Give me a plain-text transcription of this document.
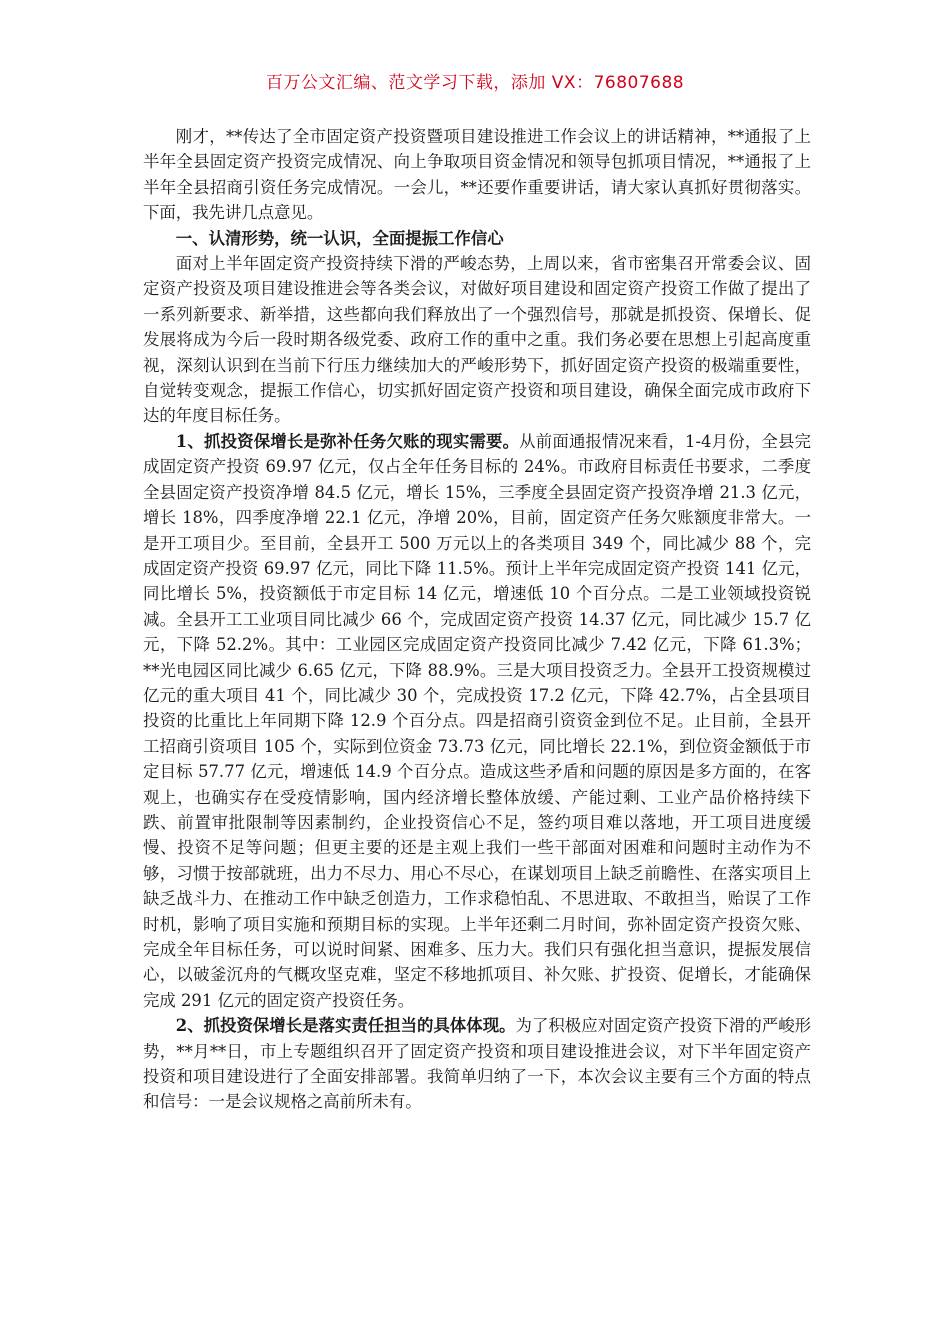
百万公文汇编、范文学习下载，添加 VX：76807688

刚才，**传达了全市固定资产投资暨项目建设推进工作会议上的讲话精神，**通报了上半年全县固定资产投资完成情况、向上争取项目资金情况和领导包抓项目情况，**通报了上半年全县招商引资任务完成情况。一会儿，**还要作重要讲话，请大家认真抓好贯彻落实。下面，我先讲几点意见。

一、认清形势，统一认识，全面提振工作信心

面对上半年固定资产投资持续下滑的严峻态势，上周以来，省市密集召开常委会议、固定资产投资及项目建设推进会等各类会议，对做好项目建设和固定资产投资工作做了提出了一系列新要求、新举措，这些都向我们释放出了一个强烈信号，那就是抓投资、保增长、促发展将成为今后一段时期各级党委、政府工作的重中之重。我们务必要在思想上引起高度重视，深刻认识到在当前下行压力继续加大的严峻形势下，抓好固定资产投资的极端重要性，自觉转变观念，提振工作信心，切实抓好固定资产投资和项目建设，确保全面完成市政府下达的年度目标任务。

1、抓投资保增长是弥补任务欠账的现实需要。从前面通报情况来看，1-4月份，全县完成固定资产投资 69.97 亿元，仅占全年任务目标的 24%。市政府目标责任书要求，二季度全县固定资产投资净增 84.5 亿元，增长 15%，三季度全县固定资产投资净增 21.3 亿元，增长 18%，四季度净增 22.1 亿元，净增 20%，目前，固定资产任务欠账额度非常大。一是开工项目少。至目前，全县开工 500 万元以上的各类项目 349 个，同比减少 88 个，完成固定资产投资 69.97 亿元，同比下降 11.5%。预计上半年完成固定资产投资 141 亿元，同比增长 5%，投资额低于市定目标 14 亿元，增速低 10 个百分点。二是工业领域投资锐减。全县开工工业项目同比减少 66 个，完成固定资产投资 14.37 亿元，同比减少 15.7 亿元，下降 52.2%。其中：工业园区完成固定资产投资同比减少 7.42 亿元，下降 61.3%；**光电园区同比减少 6.65 亿元，下降 88.9%。三是大项目投资乏力。全县开工投资规模过亿元的重大项目 41 个，同比减少 30 个，完成投资 17.2 亿元，下降 42.7%，占全县项目投资的比重比上年同期下降 12.9 个百分点。四是招商引资资金到位不足。止目前，全县开工招商引资项目 105 个，实际到位资金 73.73 亿元，同比增长 22.1%，到位资金额低于市定目标 57.77 亿元，增速低 14.9 个百分点。造成这些矛盾和问题的原因是多方面的，在客观上，也确实存在受疫情影响，国内经济增长整体放缓、产能过剩、工业产品价格持续下跌、前置审批限制等因素制约，企业投资信心不足，签约项目难以落地，开工项目进度缓慢、投资不足等问题；但更主要的还是主观上我们一些干部面对困难和问题时主动作为不够，习惯于按部就班，出力不尽力、用心不尽心，在谋划项目上缺乏前瞻性、在落实项目上缺乏战斗力、在推动工作中缺乏创造力，工作求稳怕乱、不思进取、不敢担当，贻误了工作时机，影响了项目实施和预期目标的实现。上半年还剩二月时间，弥补固定资产投资欠账、完成全年目标任务，可以说时间紧、困难多、压力大。我们只有强化担当意识，提振发展信心，以破釜沉舟的气概攻坚克难，坚定不移地抓项目、补欠账、扩投资、促增长，才能确保完成 291 亿元的固定资产投资任务。

2、抓投资保增长是落实责任担当的具体体现。为了积极应对固定资产投资下滑的严峻形势，**月**日，市上专题组织召开了固定资产投资和项目建设推进会议，对下半年固定资产投资和项目建设进行了全面安排部署。我简单归纳了一下，本次会议主要有三个方面的特点和信号：一是会议规格之高前所未有。
